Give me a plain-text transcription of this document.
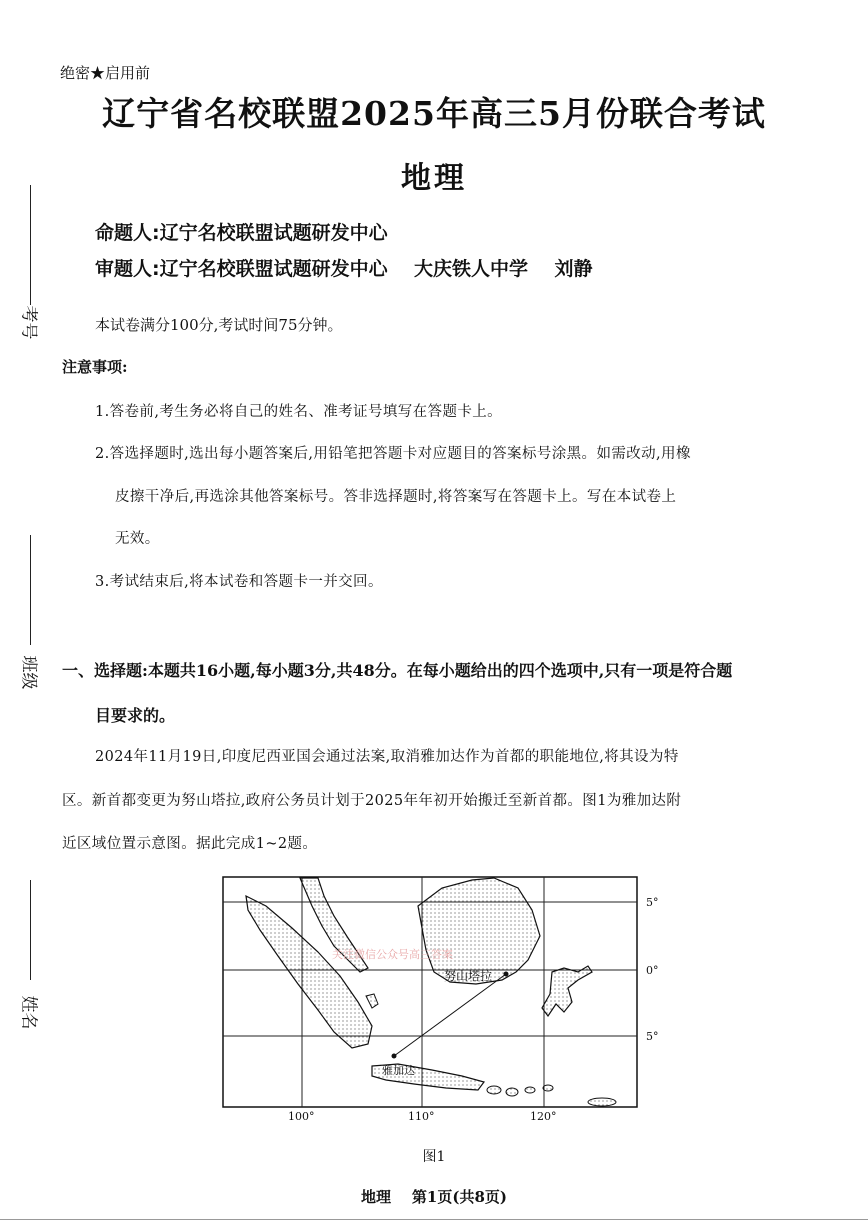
考号
班级
姓名
绝密★启用前
辽宁省名校联盟2025年高三5月份联合考试
地理
命题人:辽宁名校联盟试题研发中心
审题人:辽宁名校联盟试题研发中心    大庆铁人中学    刘静
本试卷满分100分,考试时间75分钟。
注意事项:
1.答卷前,考生务必将自己的姓名、准考证号填写在答题卡上。
2.答选择题时,选出每小题答案后,用铅笔把答题卡对应题目的答案标号涂黑。如需改动,用橡
皮擦干净后,再选涂其他答案标号。答非选择题时,将答案写在答题卡上。写在本试卷上
无效。
3.考试结束后,将本试卷和答题卡一并交回。
一、选择题:本题共16小题,每小题3分,共48分。在每小题给出的四个选项中,只有一项是符合题
目要求的。
2024年11月19日,印度尼西亚国会通过法案,取消雅加达作为首都的职能地位,将其设为特
区。新首都变更为努山塔拉,政府公务员计划于2025年年初开始搬迁至新首都。图1为雅加达附
近区域位置示意图。据此完成1~2题。
努山塔拉
雅加达
关注微信公众号高三答案
5°
0°
5°
100°	110°	120°
图1
地理    第1页(共8页)
